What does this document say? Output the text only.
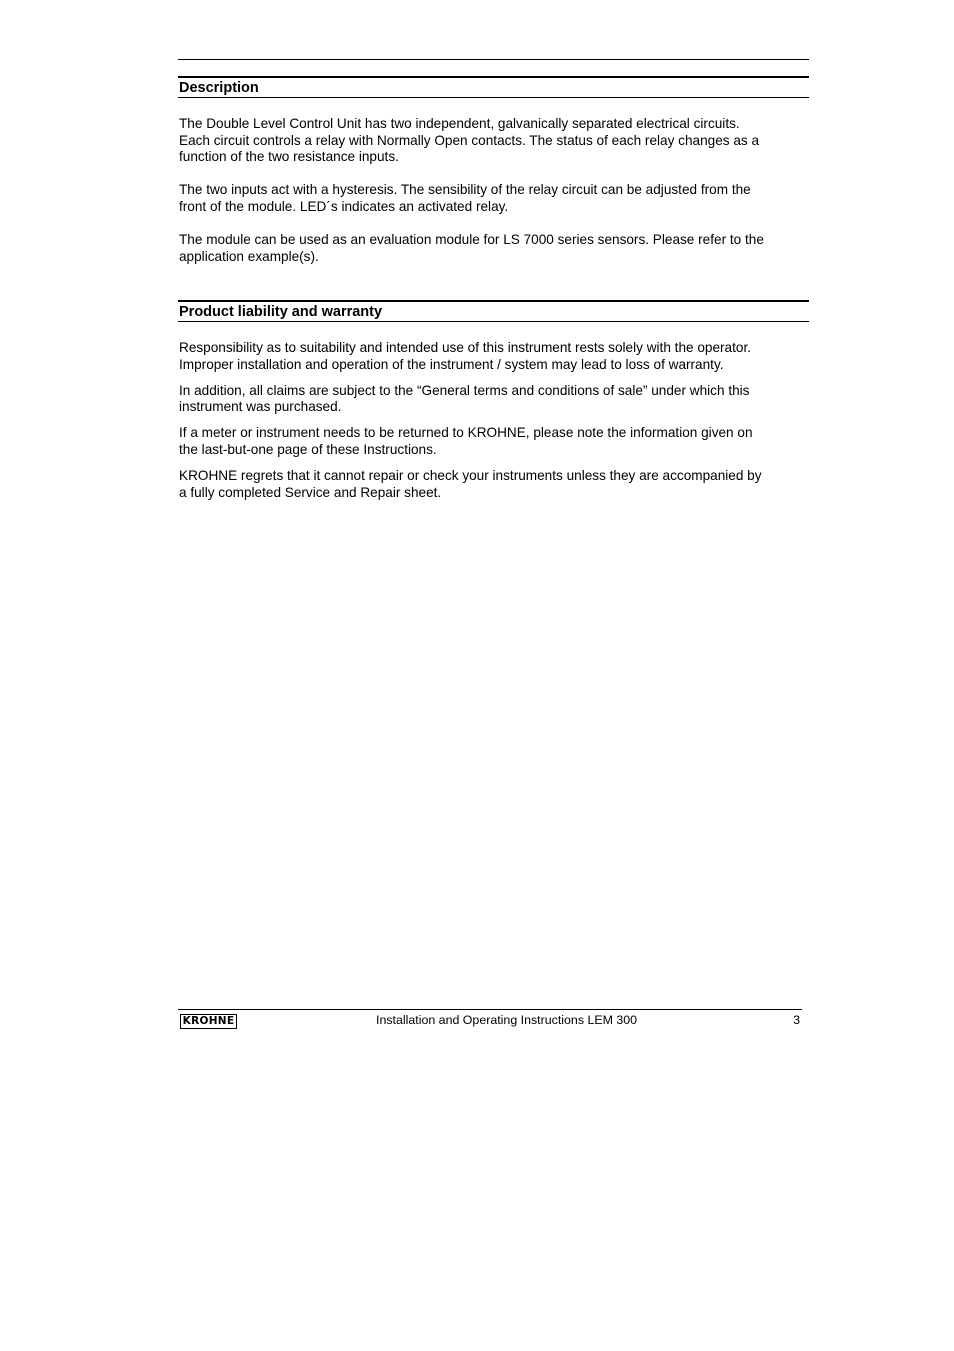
Description

The Double Level Control Unit has two independent, galvanically separated electrical circuits.
Each circuit controls a relay with Normally Open contacts. The status of each relay changes as a
function of the two resistance inputs.

The two inputs act with a hysteresis. The sensibility of the relay circuit can be adjusted from the
front of the module. LED´s indicates an activated relay.

The module can be used as an evaluation module for LS 7000 series sensors. Please refer to the
application example(s).

Product liability and warranty

Responsibility as to suitability and intended use of this instrument rests solely with the operator.
Improper installation and operation of the instrument / system may lead to loss of warranty.

In addition, all claims are subject to the “General terms and conditions of sale” under which this
instrument was purchased.

If a meter or instrument needs to be returned to KROHNE, please note the information given on
the last-but-one page of these Instructions.

KROHNE regrets that it cannot repair or check your instruments unless they are accompanied by
a fully completed Service and Repair sheet.

KROHNE	Installation and Operating Instructions LEM 300	3
